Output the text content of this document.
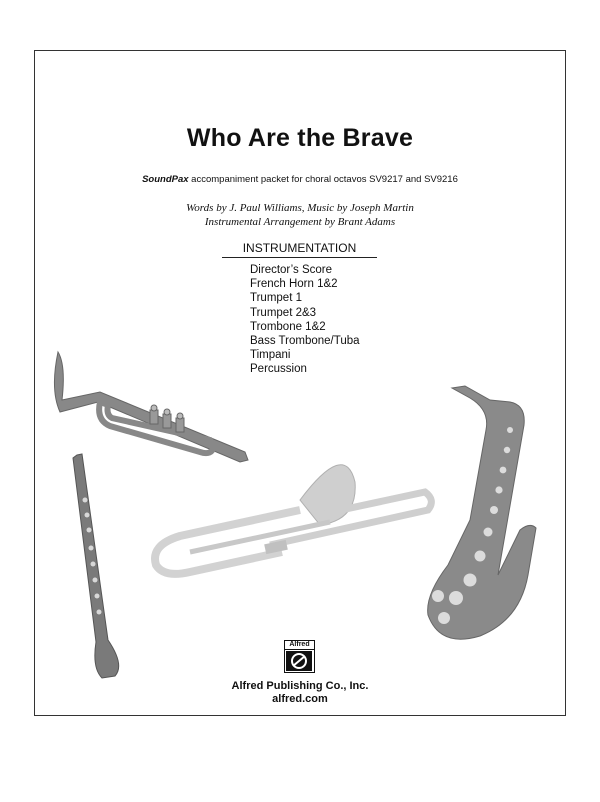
Who Are the Brave
SoundPax accompaniment packet for choral octavos SV9217 and SV9216
Words by J. Paul Williams, Music by Joseph Martin
Instrumental Arrangement by Brant Adams
INSTRUMENTATION
Director’s Score
French Horn 1&2
Trumpet 1
Trumpet 2&3
Trombone 1&2
Bass Trombone/Tuba
Timpani
Percussion
Alfred
Alfred Publishing Co., Inc.
alfred.com
